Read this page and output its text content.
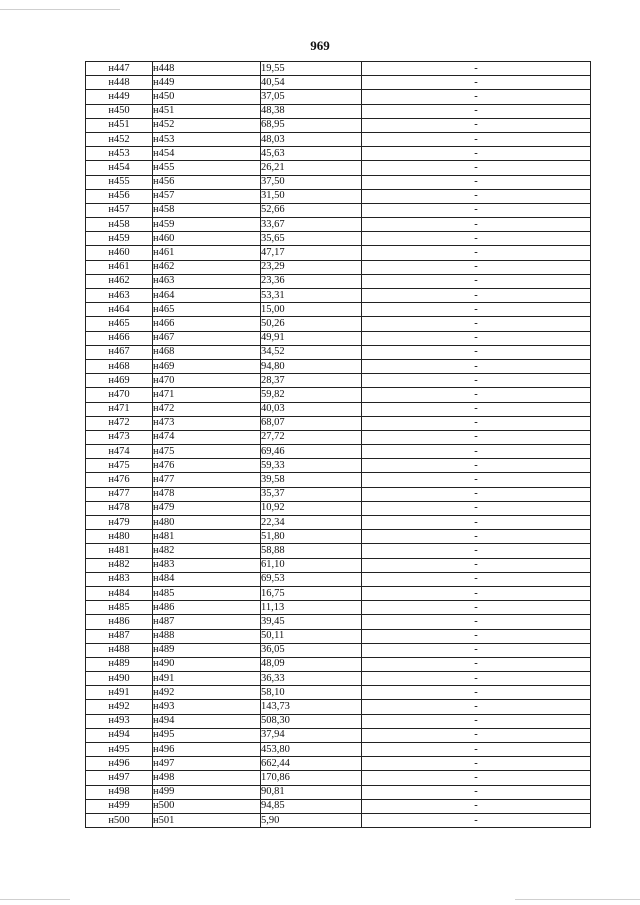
969
н447	н448	19,55	-
н448	н449	40,54	-
н449	н450	37,05	-
н450	н451	48,38	-
н451	н452	68,95	-
н452	н453	48,03	-
н453	н454	45,63	-
н454	н455	26,21	-
н455	н456	37,50	-
н456	н457	31,50	-
н457	н458	52,66	-
н458	н459	33,67	-
н459	н460	35,65	-
н460	н461	47,17	-
н461	н462	23,29	-
н462	н463	23,36	-
н463	н464	53,31	-
н464	н465	15,00	-
н465	н466	50,26	-
н466	н467	49,91	-
н467	н468	34,52	-
н468	н469	94,80	-
н469	н470	28,37	-
н470	н471	59,82	-
н471	н472	40,03	-
н472	н473	68,07	-
н473	н474	27,72	-
н474	н475	69,46	-
н475	н476	59,33	-
н476	н477	39,58	-
н477	н478	35,37	-
н478	н479	10,92	-
н479	н480	22,34	-
н480	н481	51,80	-
н481	н482	58,88	-
н482	н483	61,10	-
н483	н484	69,53	-
н484	н485	16,75	-
н485	н486	11,13	-
н486	н487	39,45	-
н487	н488	50,11	-
н488	н489	36,05	-
н489	н490	48,09	-
н490	н491	36,33	-
н491	н492	58,10	-
н492	н493	143,73	-
н493	н494	508,30	-
н494	н495	37,94	-
н495	н496	453,80	-
н496	н497	662,44	-
н497	н498	170,86	-
н498	н499	90,81	-
н499	н500	94,85	-
н500	н501	5,90	-
